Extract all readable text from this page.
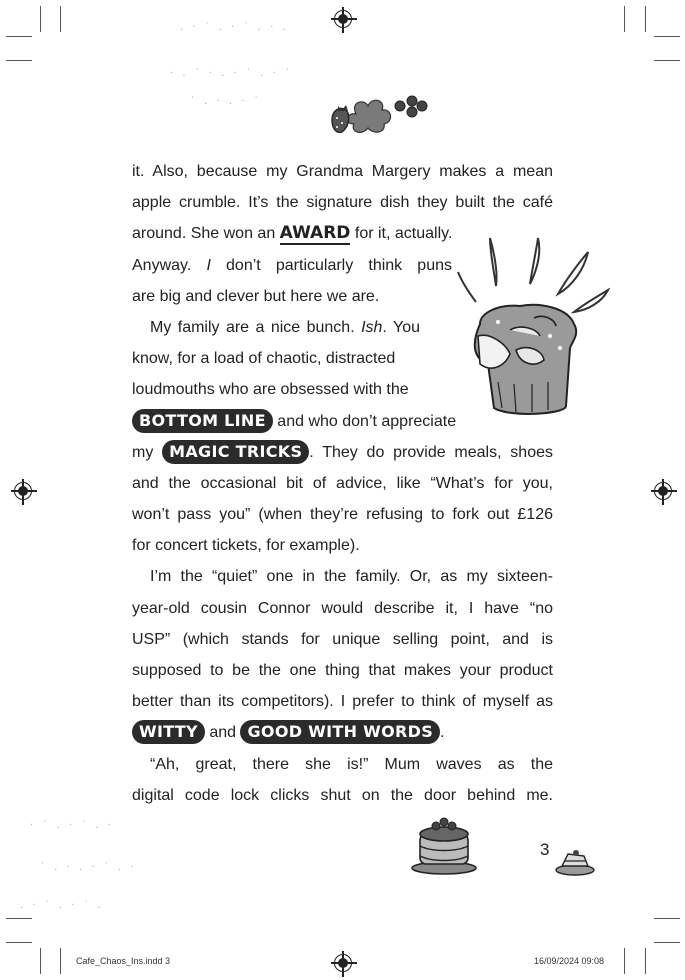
. · ˙ . · ˙ . · .
· . ˙ · . · ˙ . · ˙
˙ . · . · ˙
· ˙ . · ˙ . ·
˙ . · . · ˙ . ·
. · ˙ . · ˙ .
it. Also, because my Grandma Margery makes a mean
apple crumble. It’s the signature dish they built the café
around. She won an AWARD for it, actually.
Anyway. I don’t particularly think puns
are big and clever but here we are.
My family are a nice bunch. Ish. You
know, for a load of chaotic, distracted
loudmouths who are obsessed with the
BOTTOM LINE and who don’t appreciate
my MAGIC TRICKS . They do provide meals, shoes
and the occasional bit of advice, like “What’s for you,
won’t pass you” (when they’re refusing to fork out £126
for concert tickets, for example).
I’m the “quiet” one in the family. Or, as my sixteen-
year-old cousin Connor would describe it, I have “no
USP” (which stands for unique selling point, and is
supposed to be the one thing that makes your product
better than its competitors). I prefer to think of myself as
WITTY and GOOD WITH WORDS .
“Ah, great, there she is!” Mum waves as the
digital code lock clicks shut on the door behind me.
3
Cafe_Chaos_Ins.indd 3	16/09/2024 09:08
